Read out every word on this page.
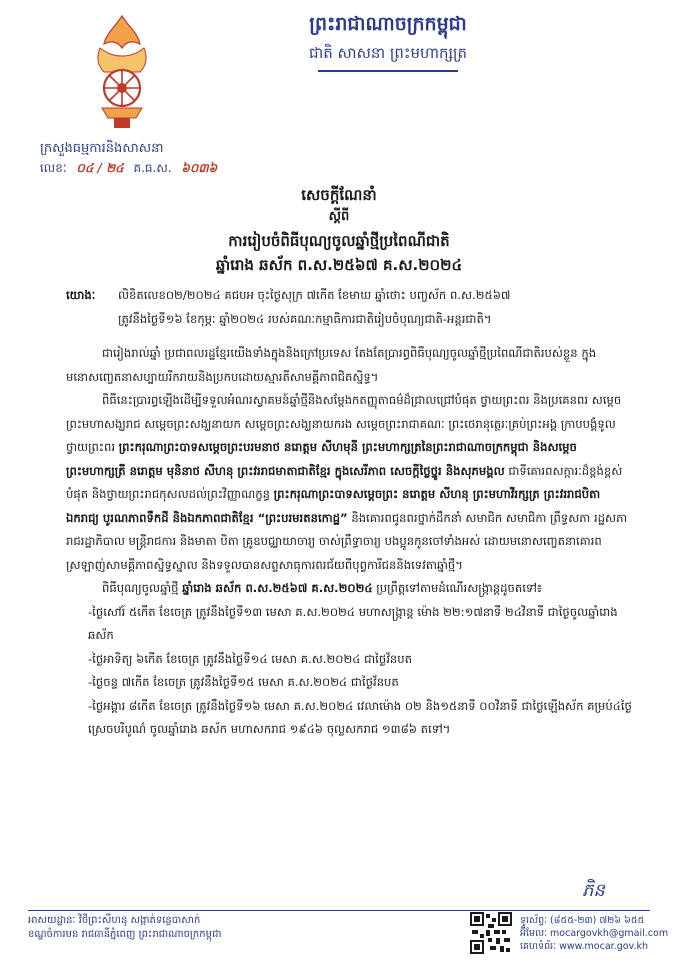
ព្រះរាជាណាចក្រកម្ពុជា
ជាតិ សាសនា ព្រះមហាក្សត្រ
ក្រសួងធម្មការនិងសាសនា
លេខៈ ០៤ / ២៤ គ.ធ.ស. ៦០៣៦
សេចក្តីណែនាំ
ស្តីពី
ការរៀបចំពិធីបុណ្យចូលឆ្នាំថ្មីប្រពៃណីជាតិ
ឆ្នាំរោង ឆស័ក ព.ស.២៥៦៧ គ.ស.២០២៤
យោងៈ	លិខិតលេខ០២/២០២៤ គជបអ ចុះថ្ងៃសុក្រ ៧កើត ខែមាឃ ឆ្នាំថោះ បញ្ចស័ក ព.ស.២៥៦៧

ត្រូវនឹងថ្ងៃទី១៦ ខែកុម្ភៈ ឆ្នាំ២០២៤ របស់គណៈកម្មាធិការជាតិរៀបចំបុណ្យជាតិ-អន្តរជាតិ។

ជារៀងរាល់ឆ្នាំ ប្រជាពលរដ្ឋខ្មែរយើងទាំងក្នុងនិងក្រៅប្រទេស តែងតែប្រារព្ធពិធីបុណ្យចូលឆ្នាំថ្មីប្រពៃណីជាតិរបស់ខ្លួន ក្នុងមនោសញ្ចេតនាសប្បាយរីករាយនិងប្រកបដោយស្មារតីសាមគ្គីភាពជិតស្និទ្ធ។

ពិធីនេះប្រារព្ធឡើងដើម្បីទទួលអំណរស្វាគមន៍ឆ្នាំថ្មីនិងសម្តែងកតញ្ញុតាធម៌ដ៏ជ្រាលជ្រៅបំផុត ថ្វាយព្រះពរ និងប្រគេនពរ សម្តេចព្រះមហាសង្ឃរាជ សម្តេចព្រះសង្ឃនាយក សម្តេចព្រះសង្ឃនាយករង សម្តេចព្រះរាជាគណៈ ព្រះថេរានុត្ថេរៈគ្រប់ព្រះអង្គ ក្រាបបង្គំទូលថ្វាយព្រះពរ ព្រះករុណាព្រះបាទសម្តេចព្រះបរមនាថ នរោត្តម សីហមុនី ព្រះមហាក្សត្រនៃព្រះរាជាណាចក្រកម្ពុជា និងសម្តេចព្រះមហាក្សត្រី នរោត្តម មុនិនាថ សីហនុ ព្រះវររាជមាតាជាតិខ្មែរ ក្នុងសេរីភាព សេចក្តីថ្លៃថ្នូរ និងសុភមង្គល ជាទីគោរពសក្ការៈដ៏ខ្ពង់ខ្ពស់បំផុត និងថ្វាយព្រះរាជកុសលដល់ព្រះវិញ្ញាណក្ខន្ធ ព្រះករុណាព្រះបាទសម្តេចព្រះ នរោត្តម សីហនុ ព្រះមហាវីរក្សត្រ ព្រះវររាជបិតា ឯករាជ្យ បូរណភាពទឹកដី និងឯកភាពជាតិខ្មែរ “ព្រះបរមរតនកោដ្ឋ” និងគោរពជូនពរថ្នាក់ដឹកនាំ សមាជិក សមាជិកា ព្រឹទ្ធសភា រដ្ឋសភា រាជរដ្ឋាភិបាល មន្រ្តីរាជការ និងមាតា បិតា គ្រូឧបជ្ឈាយាចារ្យ ចាស់ព្រឹទ្ធាចារ្យ បងប្អូនកូនចៅទាំងអស់ ដោយមនោសញ្ចេតនាគោរពស្រឡាញ់សាមគ្គីភាពស្និទ្ធស្នាល និងទទួលបានសព្ទសាធុការពរជ័យពីបុព្វការីជននិងទេវតាឆ្នាំថ្មី។

ពិធីបុណ្យចូលឆ្នាំថ្មី ឆ្នាំរោង ឆស័ក ព.ស.២៥៦៧ គ.ស.២០២៤ ប្រព្រឹត្តទៅតាមដំណើរសង្ក្រាន្តដូចតទៅ៖

-ថ្ងៃសៅរ៍ ៥កើត ខែចេត្រ ត្រូវនឹងថ្ងៃទី១៣ មេសា គ.ស.២០២៤ មហាសង្ក្រាន្ត ម៉ោង ២២:១៧នាទី ២៤វិនាទី ជាថ្ងៃចូលឆ្នាំរោង ឆស័ក

-ថ្ងៃអាទិត្យ ៦កើត ខែចេត្រ ត្រូវនឹងថ្ងៃទី១៤ មេសា គ.ស.២០២៤ ជាថ្ងៃវ័នបត

-ថ្ងៃចន្ទ ៧កើត ខែចេត្រ ត្រូវនឹងថ្ងៃទី១៥ មេសា គ.ស.២០២៤ ជាថ្ងៃវ័នបត

-ថ្ងៃអង្គារ ៨កើត ខែចេត្រ ត្រូវនឹងថ្ងៃទី១៦ មេសា គ.ស.២០២៤ វេលាម៉ោង ០២ និង១៥នាទី ០០វិនាទី ជាថ្ងៃឡើងស័ក គម្រប់៤ថ្ងៃ ស្រេចបរិបូណ៌ ចូលឆ្នាំរោង ឆស័ក មហាសករាជ ១៩៤៦ ចុល្លសករាជ ១៣៨៦ តទៅ។

ភិន
អាសយដ្ឋានៈ វិថីព្រះសីហនុ សង្កាត់ទន្លេបាសាក់
ខណ្ឌចំការមន រាជធានីភ្នំពេញ ព្រះរាជាណាចក្រកម្ពុជា
ទូរស័ព្ទៈ (៨៥៥-២៣) ៧២៦ ៦៥៥
អ៊ីមែលៈ mocargovkh@gmail.com
គេហទំព័រៈ www.mocar.gov.kh
